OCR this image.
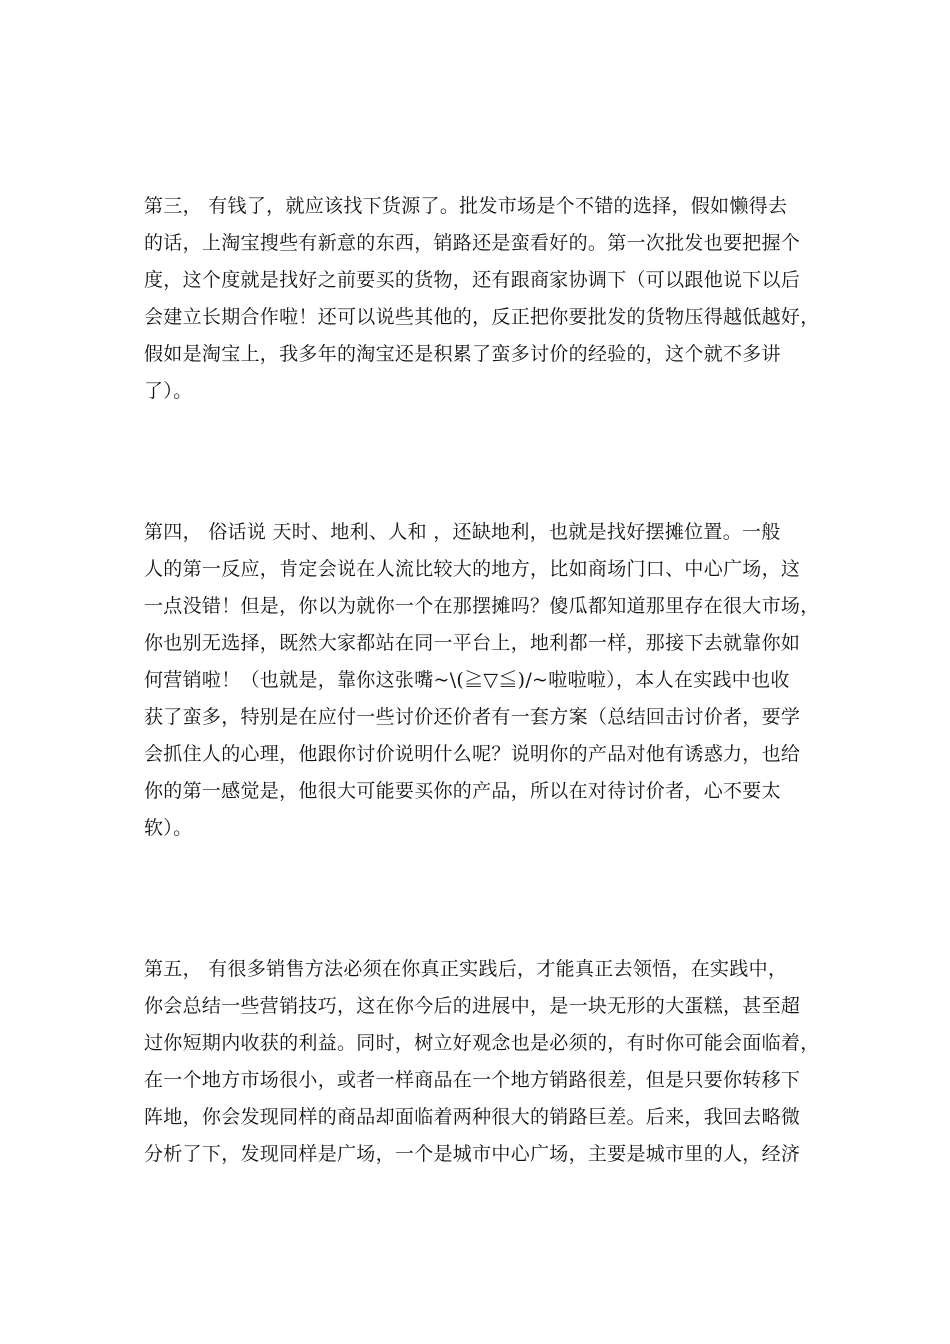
第三， 有钱了，就应该找下货源了。批发市场是个不错的选择，假如懒得去
的话，上淘宝搜些有新意的东西，销路还是蛮看好的。第一次批发也要把握个
度，这个度就是找好之前要买的货物，还有跟商家协调下（可以跟他说下以后
会建立长期合作啦！还可以说些其他的，反正把你要批发的货物压得越低越好，
假如是淘宝上，我多年的淘宝还是积累了蛮多讨价的经验的，这个就不多讲
了）。
第四， 俗话说 天时、地利、人和 ，还缺地利，也就是找好摆摊位置。一般
人的第一反应，肯定会说在人流比较大的地方，比如商场门口、中心广场，这
一点没错！但是，你以为就你一个在那摆摊吗？傻瓜都知道那里存在很大市场，
你也别无选择，既然大家都站在同一平台上，地利都一样，那接下去就靠你如
何营销啦！（也就是，靠你这张嘴~\(≧▽≦)/~啦啦啦），本人在实践中也收
获了蛮多，特别是在应付一些讨价还价者有一套方案（总结回击讨价者，要学
会抓住人的心理，他跟你讨价说明什么呢？说明你的产品对他有诱惑力，也给
你的第一感觉是，他很大可能要买你的产品，所以在对待讨价者，心不要太
软）。
第五， 有很多销售方法必须在你真正实践后，才能真正去领悟，在实践中，
你会总结一些营销技巧，这在你今后的进展中，是一块无形的大蛋糕，甚至超
过你短期内收获的利益。同时，树立好观念也是必须的，有时你可能会面临着，
在一个地方市场很小，或者一样商品在一个地方销路很差，但是只要你转移下
阵地，你会发现同样的商品却面临着两种很大的销路巨差。后来，我回去略微
分析了下，发现同样是广场，一个是城市中心广场，主要是城市里的人，经济
